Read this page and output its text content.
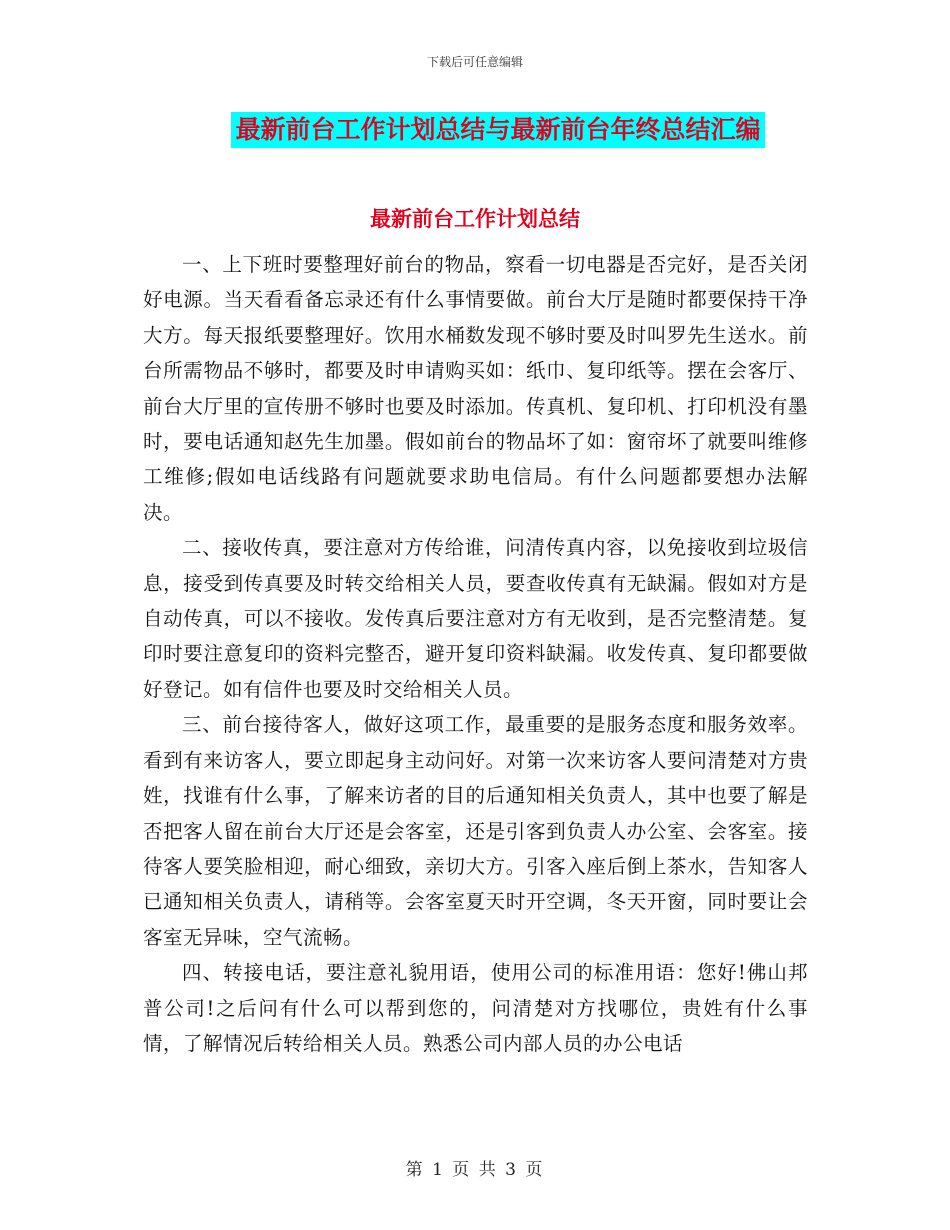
下载后可任意编辑
最新前台工作计划总结与最新前台年终总结汇编
最新前台工作计划总结

一、上下班时要整理好前台的物品，察看一切电器是否完好，是否关闭好电源。当天看看备忘录还有什么事情要做。前台大厅是随时都要保持干净大方。每天报纸要整理好。饮用水桶数发现不够时要及时叫罗先生送水。前台所需物品不够时，都要及时申请购买如：纸巾、复印纸等。摆在会客厅、前台大厅里的宣传册不够时也要及时添加。传真机、复印机、打印机没有墨时，要电话通知赵先生加墨。假如前台的物品坏了如：窗帘坏了就要叫维修工维修;假如电话线路有问题就要求助电信局。有什么问题都要想办法解决。

二、接收传真，要注意对方传给谁，问清传真内容，以免接收到垃圾信息，接受到传真要及时转交给相关人员，要查收传真有无缺漏。假如对方是自动传真，可以不接收。发传真后要注意对方有无收到，是否完整清楚。复印时要注意复印的资料完整否，避开复印资料缺漏。收发传真、复印都要做好登记。如有信件也要及时交给相关人员。

三、前台接待客人，做好这项工作，最重要的是服务态度和服务效率。看到有来访客人，要立即起身主动问好。对第一次来访客人要问清楚对方贵姓，找谁有什么事，了解来访者的目的后通知相关负责人，其中也要了解是否把客人留在前台大厅还是会客室，还是引客到负责人办公室、会客室。接待客人要笑脸相迎，耐心细致，亲切大方。引客入座后倒上茶水，告知客人已通知相关负责人，请稍等。会客室夏天时开空调，冬天开窗，同时要让会客室无异味，空气流畅。

四、转接电话，要注意礼貌用语，使用公司的标准用语：您好!佛山邦普公司!之后问有什么可以帮到您的，问清楚对方找哪位，贵姓有什么事情，了解情况后转给相关人员。熟悉公司内部人员的办公电话

第 1 页 共 3 页
